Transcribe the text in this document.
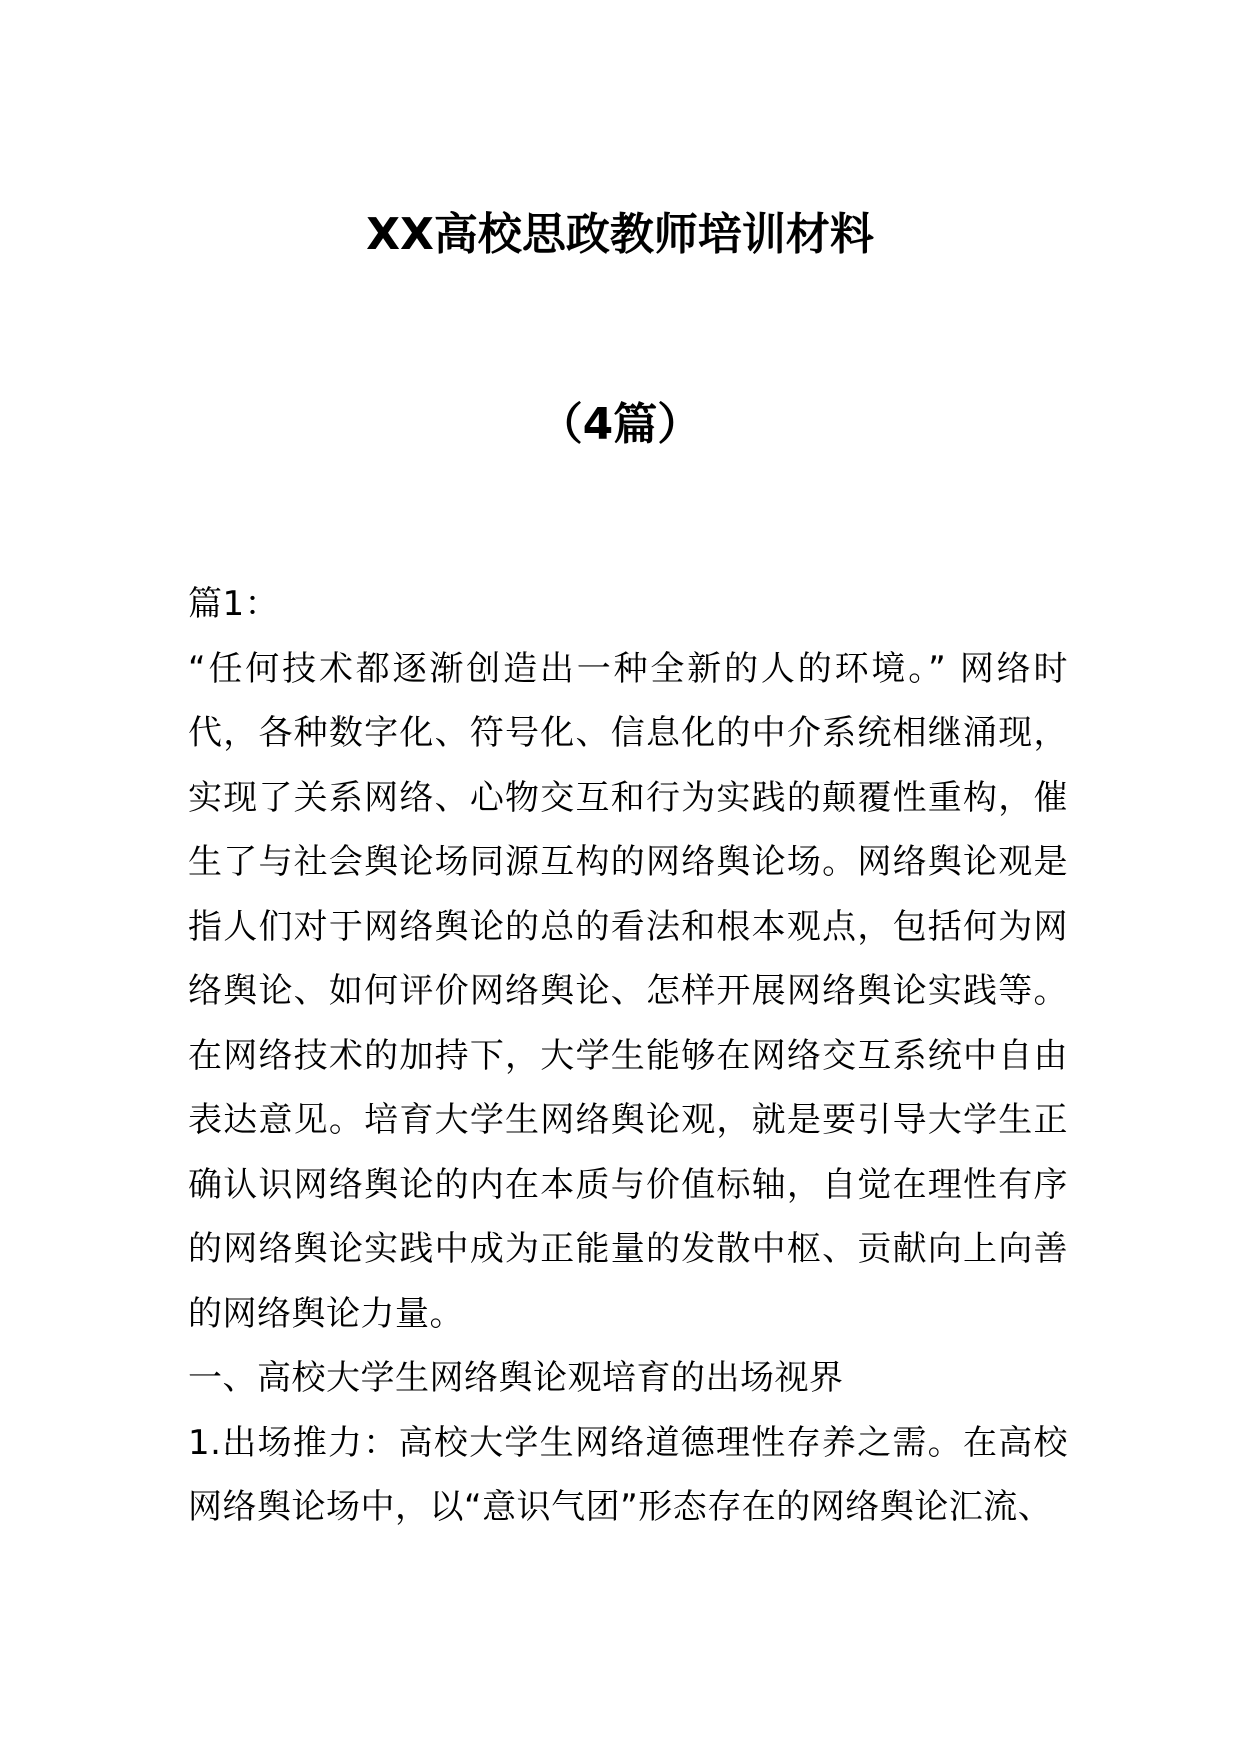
XX高校思政教师培训材料
（4篇）

篇1：

“任何技术都逐渐创造出一种全新的人的环境。” 网络时代，各种数字化、符号化、信息化的中介系统相继涌现，实现了关系网络、心物交互和行为实践的颠覆性重构，催生了与社会舆论场同源互构的网络舆论场。网络舆论观是指人们对于网络舆论的总的看法和根本观点，包括何为网络舆论、如何评价网络舆论、怎样开展网络舆论实践等。在网络技术的加持下，大学生能够在网络交互系统中自由表达意见。培育大学生网络舆论观，就是要引导大学生正确认识网络舆论的内在本质与价值标轴，自觉在理性有序的网络舆论实践中成为正能量的发散中枢、贡献向上向善的网络舆论力量。

一、高校大学生网络舆论观培育的出场视界

1.出场推力：高校大学生网络道德理性存养之需。在高校网络舆论场中，以“意识气团”形态存在的网络舆论汇流、
